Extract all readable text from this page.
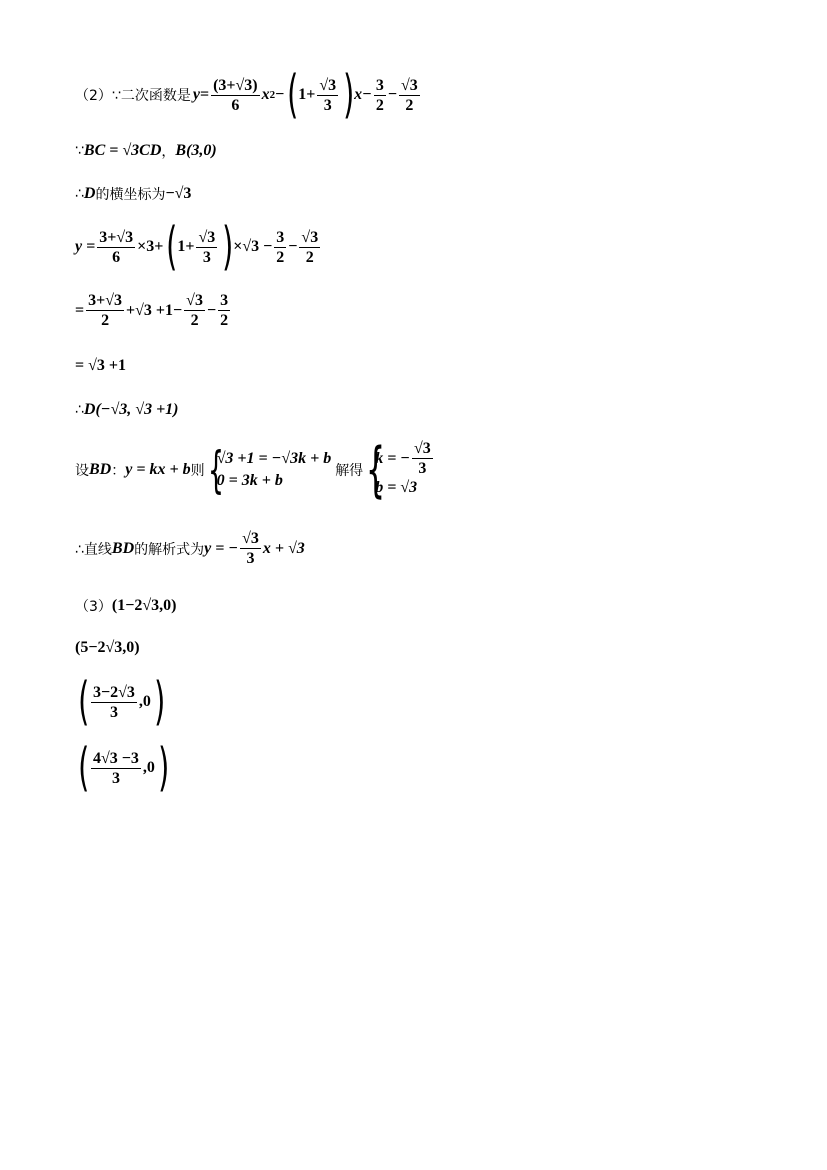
（2）∵二次函数是 $y = \frac{(3+√3)}{6}$ x 2 − ( $1+ \frac{√3}{3}$ ) $x- \frac{3}{2} - \frac{√3}{2}$
∵ BC = √3CD ， B(3,0)
∴ D 的横坐标为 −√3
$y = \frac{3+√3}{6} \times 3+$ ( $1+ \frac{√3}{3}$ ) $\times√3 - \frac{3}{2} - \frac{√3}{2}$
= $\frac{3+√3}{2} +√3 +1- \frac{√3}{2} - \frac{3}{2}$
= √3 +1
∴ D(−√3, √3 +1)
设 BD ： y = kx + b 则 {
√3 +1 = −√3k + b
0 = 3k + b
解得 {
k = − $\frac{√3}{3}$
b = √3
∴直线 BD 的解析式为 y = − $\frac{√3}{3}$ x + √3
（3） (1−2√3,0)
(5−2√3,0)
( $\frac{3-2√3}{3} ,0$ )
( $\frac{4√3 -3}{3} ,0$ )
